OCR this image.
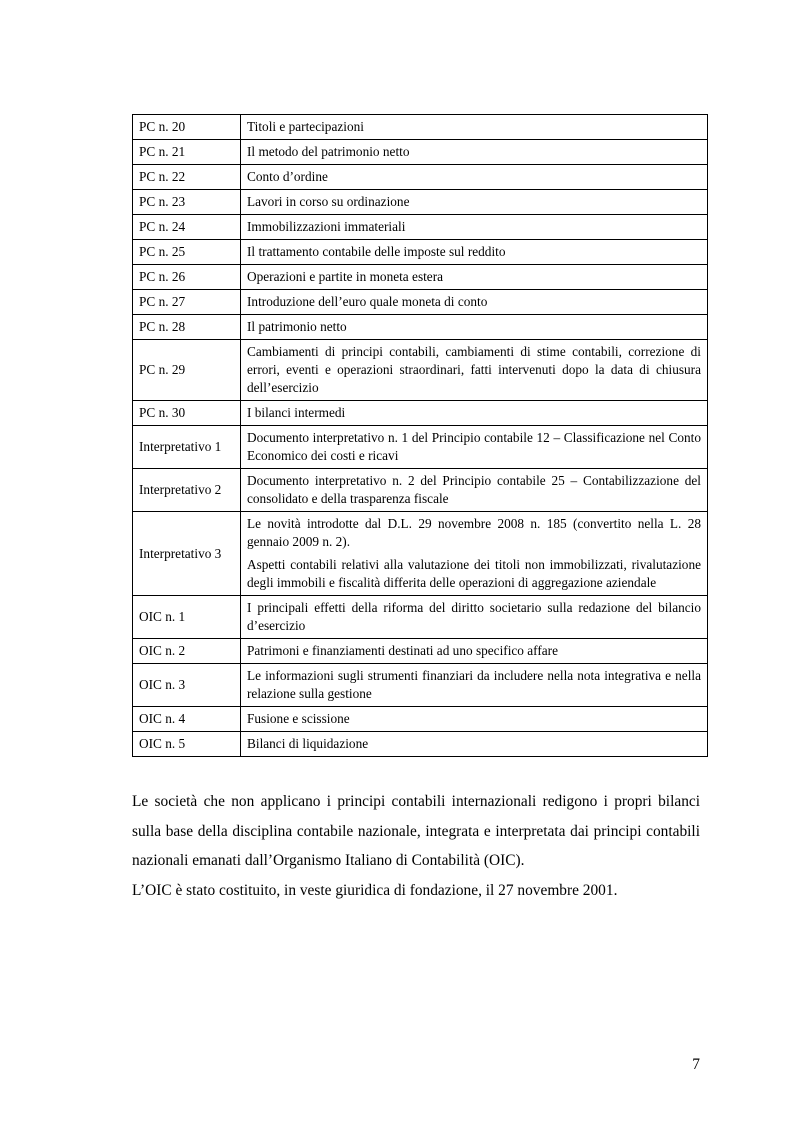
PC n. 20	Titoli e partecipazioni

PC n. 21	Il metodo del patrimonio netto

PC n. 22	Conto d’ordine

PC n. 23	Lavori in corso su ordinazione

PC n. 24	Immobilizzazioni immateriali

PC n. 25	Il trattamento contabile delle imposte sul reddito

PC n. 26	Operazioni e partite in moneta estera

PC n. 27	Introduzione dell’euro quale moneta di conto

PC n. 28	Il patrimonio netto

PC n. 29	Cambiamenti di principi contabili, cambiamenti di stime contabili, correzione di errori, eventi e operazioni straordinari, fatti intervenuti dopo la data di chiusura dell’esercizio

PC n. 30	I bilanci intermedi

Interpretativo 1	Documento interpretativo n. 1 del Principio contabile 12 – Classificazione nel Conto Economico dei costi e ricavi

Interpretativo 2	Documento interpretativo n. 2 del Principio contabile 25 – Contabilizzazione del consolidato e della trasparenza fiscale

Interpretativo 3	Le novità introdotte dal D.L. 29 novembre 2008 n. 185 (convertito nella L. 28 gennaio 2009 n. 2).

Aspetti contabili relativi alla valutazione dei titoli non immobilizzati, rivalutazione degli immobili e fiscalità differita delle operazioni di aggregazione aziendale

OIC n. 1	I principali effetti della riforma del diritto societario sulla redazione del bilancio d’esercizio

OIC n. 2	Patrimoni e finanziamenti destinati ad uno specifico affare

OIC n. 3	Le informazioni sugli strumenti finanziari da includere nella nota integrativa e nella relazione sulla gestione

OIC n. 4	Fusione e scissione

OIC n. 5	Bilanci di liquidazione

Le società che non applicano i principi contabili internazionali redigono i propri bilanci sulla base della disciplina contabile nazionale, integrata e interpretata dai principi contabili nazionali emanati dall’Organismo Italiano di Contabilità (OIC).

L’OIC è stato costituito, in veste giuridica di fondazione, il 27 novembre 2001.

7
